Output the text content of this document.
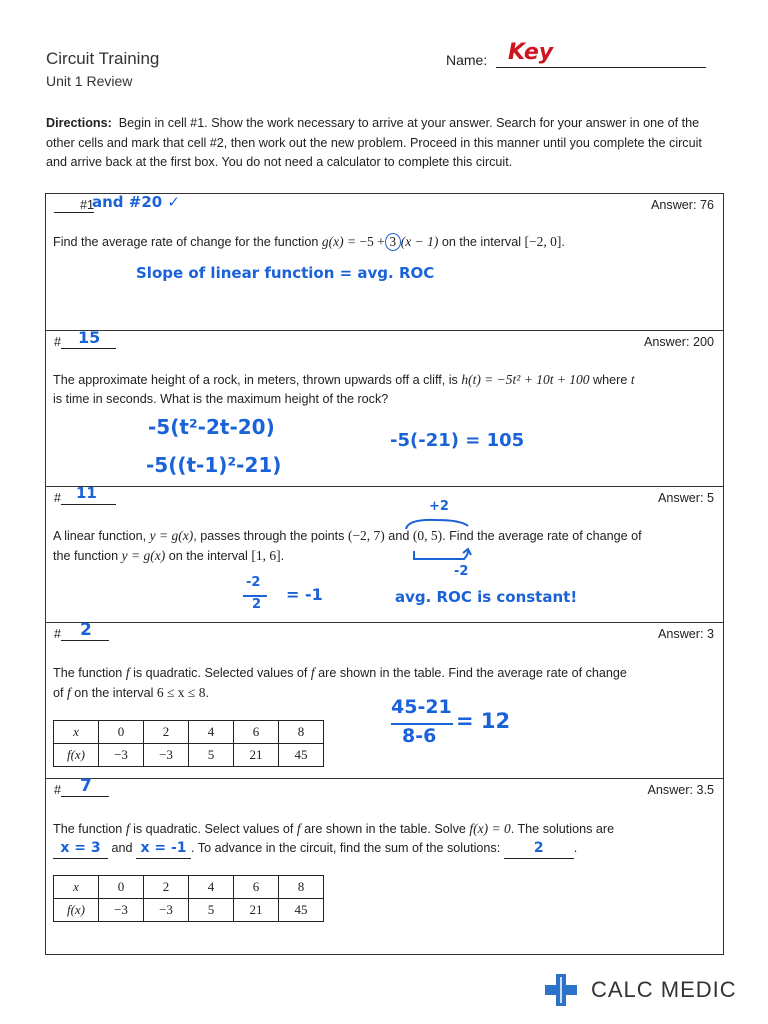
Circuit Training
Unit 1 Review
Name: Key
Directions: Begin in cell #1. Show the work necessary to arrive at your answer. Search for your answer in one of the other cells and mark that cell #2, then work out the new problem. Proceed in this manner until you complete the circuit and arrive back at the first box. You do not need a calculator to complete this circuit.
#1
and #20 ✓	Answer: 76
Find the average rate of change for the function g(x) = −5 + 3 (x − 1) on the interval [−2, 0].
Slope of linear function = avg. ROC
#	15	Answer: 200
The approximate height of a rock, in meters, thrown upwards off a cliff, is h(t) = −5t² + 10t + 100 where t
is time in seconds. What is the maximum height of the rock?
-5(t²-2t-20)
-5((t-1)²-21)
-5(-21) = 105
# 11	Answer: 5
A linear function, y = g(x), passes through the points (−2, 7) and (0, 5). Find the average rate of change of
the function y = g(x) on the interval [1, 6].
+2
-2
-2
2
= -1	avg. ROC is constant!
#	2	Answer: 3
The function f is quadratic. Selected values of f are shown in the table. Find the average rate of change
of f on the interval 6 ≤ x ≤ 8.
x	0	2	4	6	8
f(x)	−3	−3	5	21	45
45-21
8-6
= 12
#	7	Answer: 3.5
The function f is quadratic. Select values of f are shown in the table. Solve f(x) = 0. The solutions are
x = 3 and x = -1 . To advance in the circuit, find the sum of the solutions: 2 .
x	0	2	4	6	8
f(x)	−3	−3	5	21	45
CALC MEDIC
